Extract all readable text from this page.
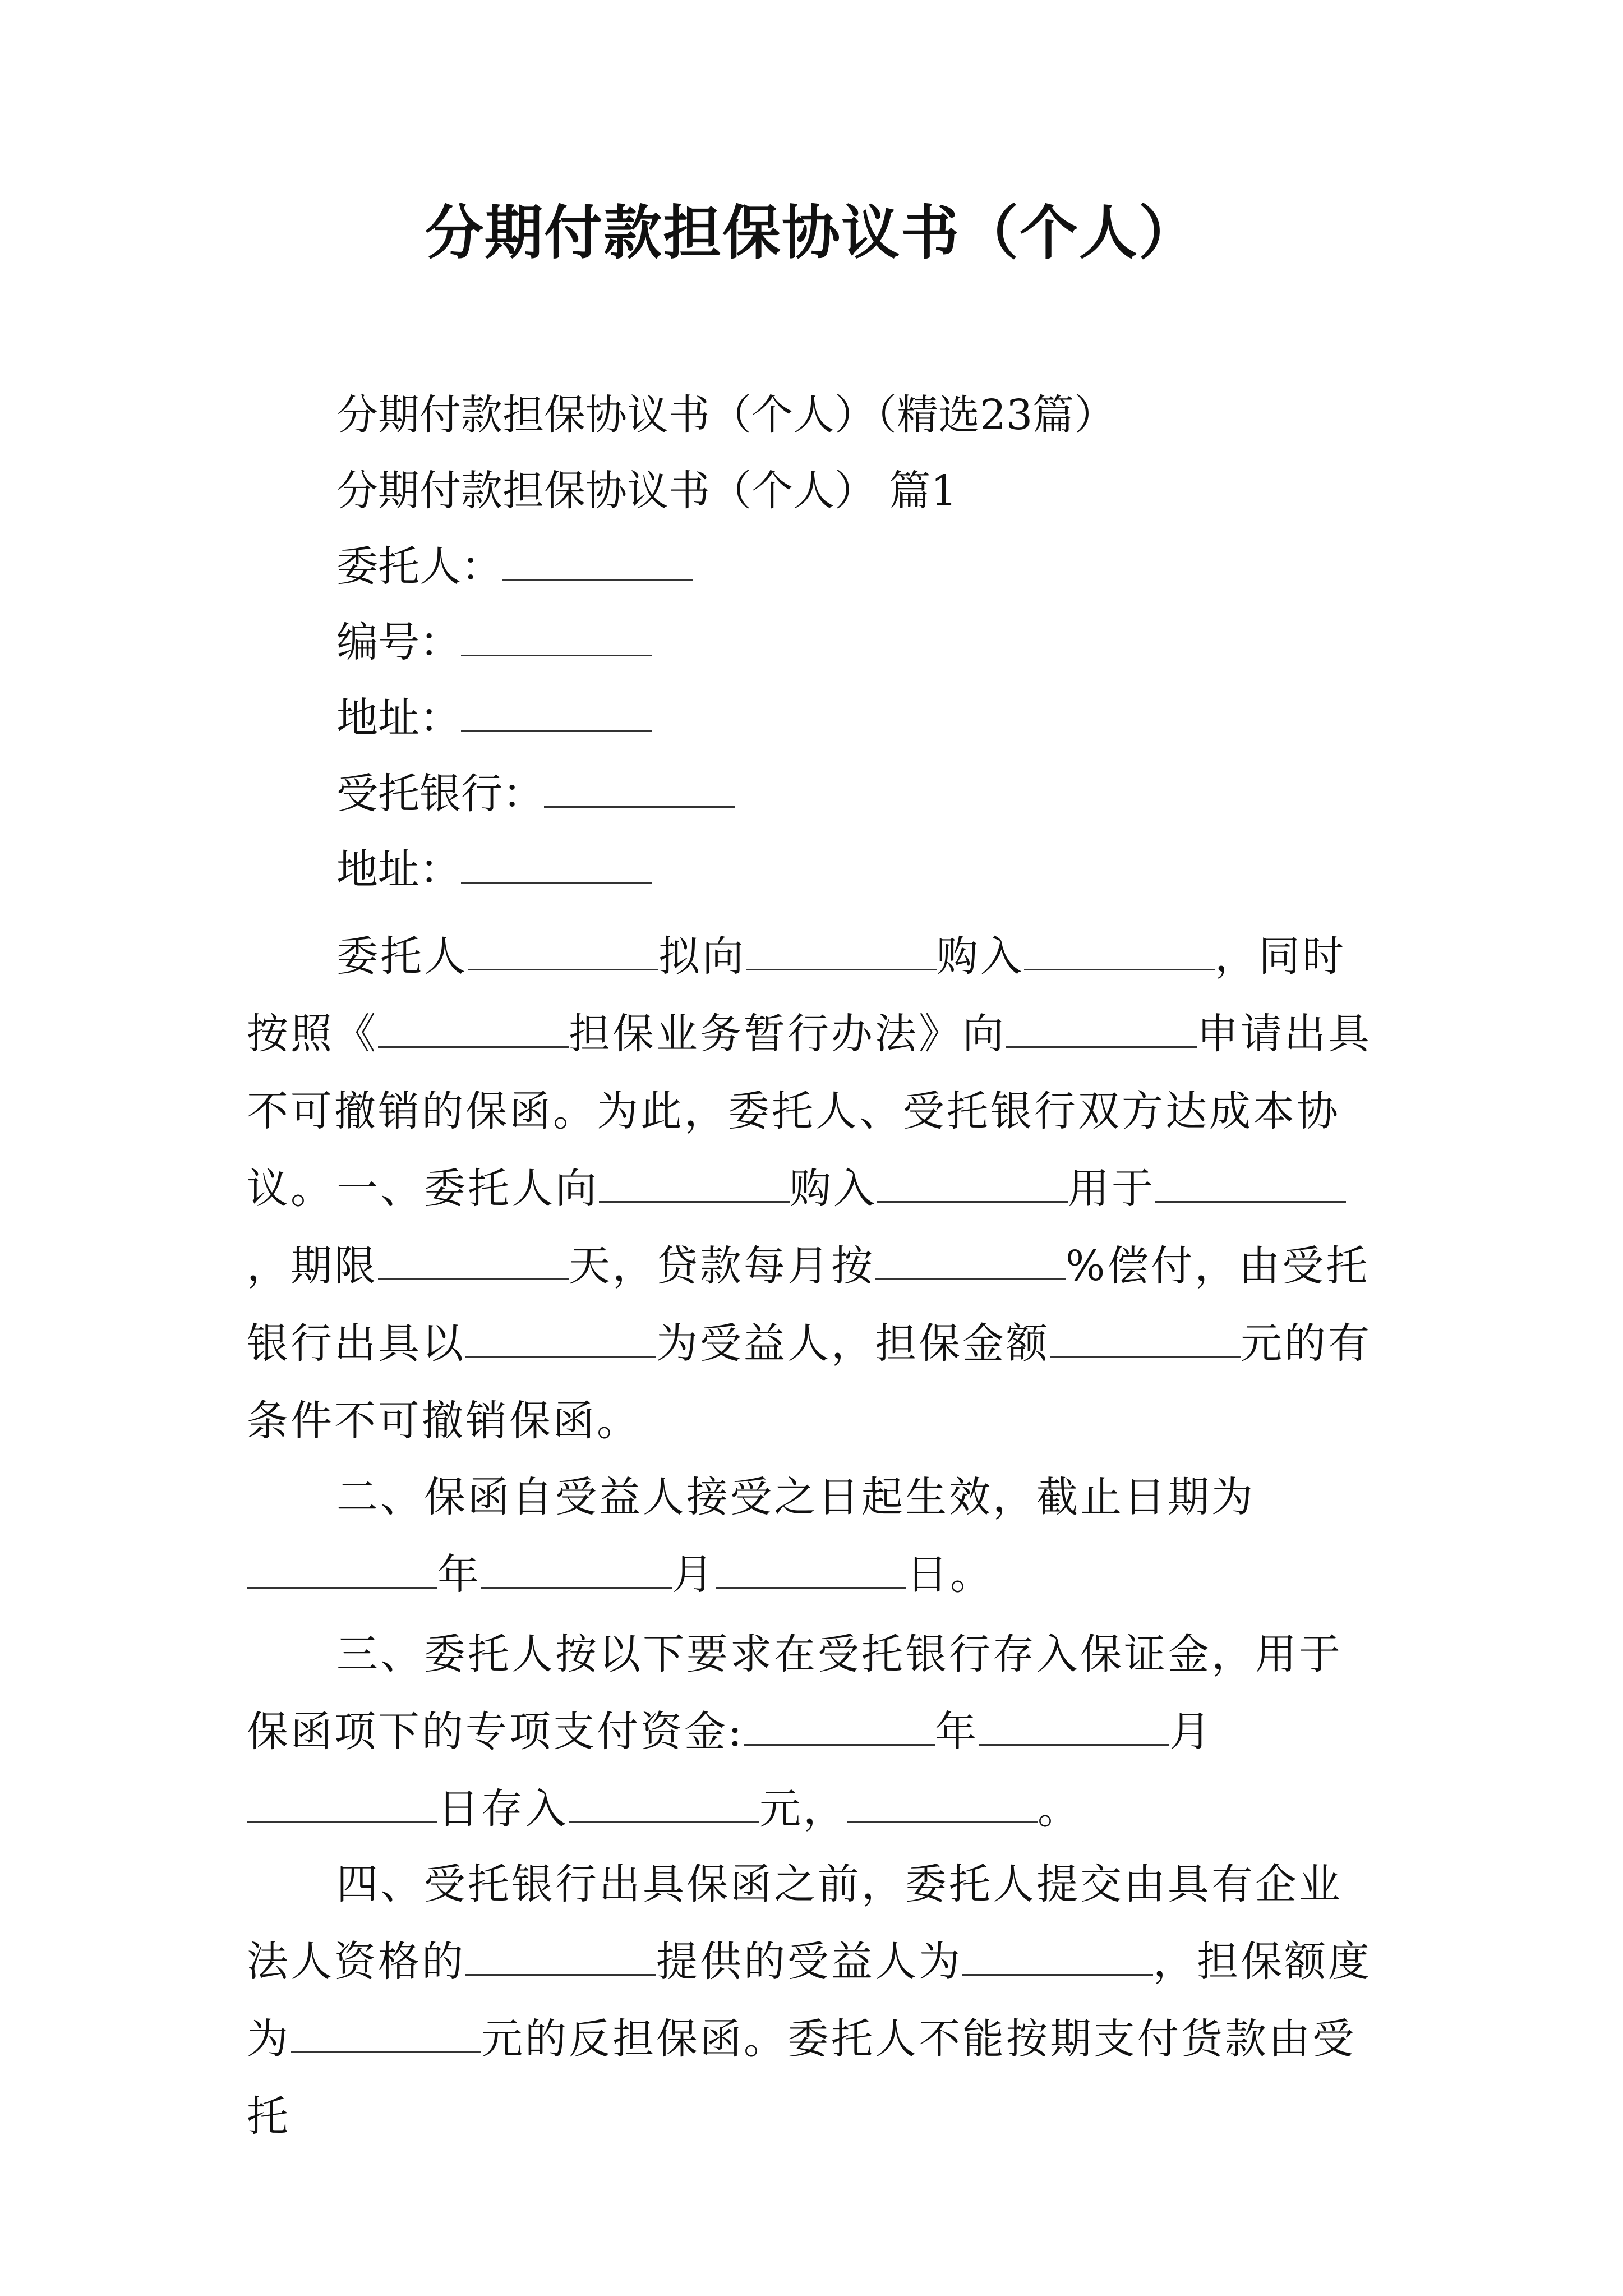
分期付款担保协议书（个人）
分期付款担保协议书（个人）（精选23篇）
分期付款担保协议书（个人） 篇1
委托人：
编号：
地址：
受托银行：
地址：

委托人	拟向	购入	，同时按照《	担保业务暂行办法》向	申请出具不可撤销的保函。为此，委托人、受托银行双方达成本协议。 一、委托人向	购入	用于，期限	天，贷款每月按	%偿付，由受托银行出具以	为受益人，担保金额	元的有条件不可撤销保函。

二、保函自受益人接受之日起生效，截止日期为年	月	日。

三、委托人按以下要求在受托银行存入保证金，用于保函项下的专项支付资金:	年	月日存入	元，	。

四、受托银行出具保函之前，委托人提交由具有企业法人资格的	提供的受益人为	，担保额度为	元的反担保函。委托人不能按期支付货款由受托
